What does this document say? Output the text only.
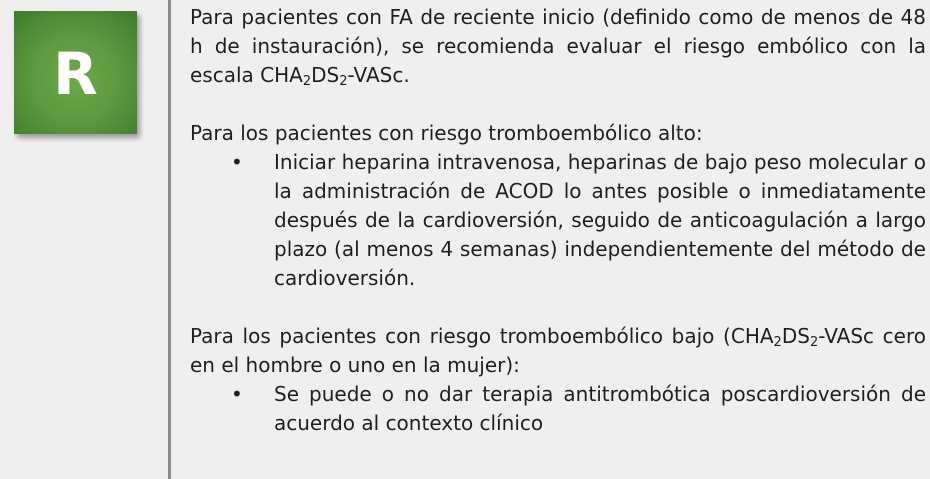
R

Para pacientes con FA de reciente inicio (definido como de menos de 48 h de instauración), se recomienda evaluar el riesgo embólico con la escala $CHA_2DS_2$-VASc.

Para los pacientes con riesgo tromboembólico alto:

• Iniciar heparina intravenosa, heparinas de bajo peso molecular o la administración de ACOD lo antes posible o inmediatamente después de la cardioversión, seguido de anticoagulación a largo plazo (al menos 4 semanas) independientemente del método de cardioversión.

Para los pacientes con riesgo tromboembólico bajo ($CHA_2DS_2$-VASc cero en el hombre o uno en la mujer):

• Se puede o no dar terapia antitrombótica poscardioversión de acuerdo al contexto clínico
